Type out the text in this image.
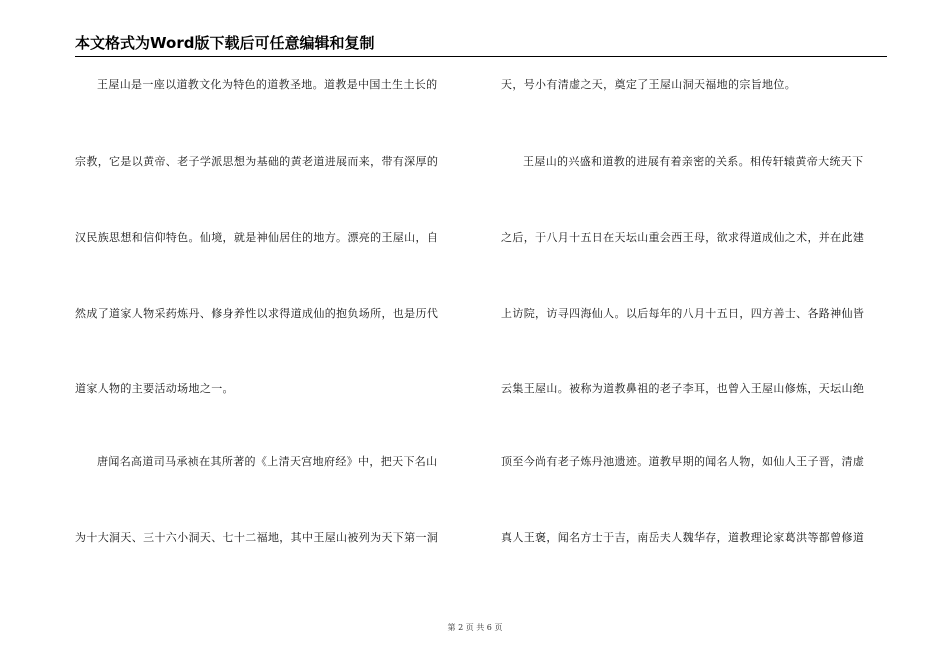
本文格式为Word版下载后可任意编辑和复制
王屋山是一座以道教文化为特色的道教圣地。道教是中国土生土长的
宗教，它是以黄帝、老子学派思想为基础的黄老道进展而来，带有深厚的
汉民族思想和信仰特色。仙境，就是神仙居住的地方。漂亮的王屋山，自
然成了道家人物采药炼丹、修身养性以求得道成仙的抱负场所，也是历代
道家人物的主要活动场地之一。
唐闻名高道司马承祯在其所著的《上清天宫地府经》中，把天下名山
为十大洞天、三十六小洞天、七十二福地，其中王屋山被列为天下第一洞
天，号小有清虚之天，奠定了王屋山洞天福地的宗旨地位。
王屋山的兴盛和道教的进展有着亲密的关系。相传轩辕黄帝大统天下
之后，于八月十五日在天坛山重会西王母，欲求得道成仙之术，并在此建
上访院，访寻四海仙人。以后每年的八月十五日，四方善士、各路神仙皆
云集王屋山。被称为道教鼻祖的老子李耳，也曾入王屋山修炼，天坛山绝
顶至今尚有老子炼丹池遗迹。道教早期的闻名人物，如仙人王子晋，清虚
真人王褒，闻名方士于吉，南岳夫人魏华存，道教理论家葛洪等都曾修道
第 2 页 共 6 页
